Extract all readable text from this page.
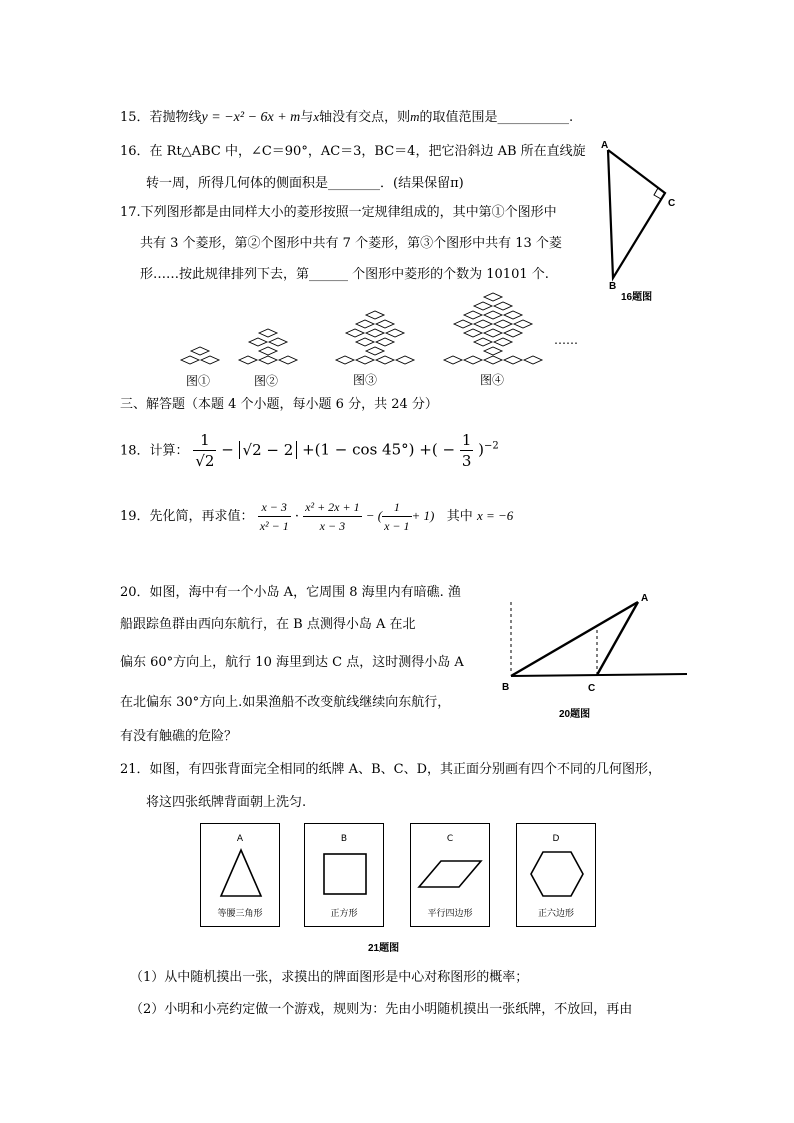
15．若抛物线y = −x² − 6x + m与x轴没有交点，则m的取值范围是___________.
16．在 Rt△ABC 中，∠C＝90°，AC＝3，BC＝4，把它沿斜边 AB 所在直线旋
转一周，所得几何体的侧面积是________．(结果保留π)
A
C
B
16题图
17.下列图形都是由同样大小的菱形按照一定规律组成的，其中第①个图形中
共有 3 个菱形，第②个图形中共有 7 个菱形，第③个图形中共有 13 个菱
形……按此规律排列下去，第______ 个图形中菱形的个数为 10101 个.
图①	图②	图③	图④
……
三、解答题（本题 4 个小题，每小题 6 分，共 24 分）
18．计算： $\frac{1}{√2} - √2 - 2 +(1 - \cos 45^\circ)$ +( − $\frac{1}{3} )^{-2}$
19．先化简，再求值： $\frac{x - 3}{\text{x² − 1}} \cdot \frac{\text{x² + 2x + 1}}{x - 3}$ − ( $\frac{1}{x - 1} + 1$) 其中 x = −6
20．如图，海中有一个小岛 A，它周围 8 海里内有暗礁. 渔
船跟踪鱼群由西向东航行，在 B 点测得小岛 A 在北
偏东 60°方向上，航行 10 海里到达 C 点，这时测得小岛 A
在北偏东 30°方向上.如果渔船不改变航线继续向东航行，
有没有触礁的危险？
A
B	C
20题图
21．如图，有四张背面完全相同的纸牌 A、B、C、D，其正面分别画有四个不同的几何图形，
将这四张纸牌背面朝上洗匀.
A
等腰三角形
B
正方形
C
平行四边形
D
正六边形
21题图
（1）从中随机摸出一张，求摸出的牌面图形是中心对称图形的概率；
（2）小明和小亮约定做一个游戏，规则为：先由小明随机摸出一张纸牌，不放回，再由
